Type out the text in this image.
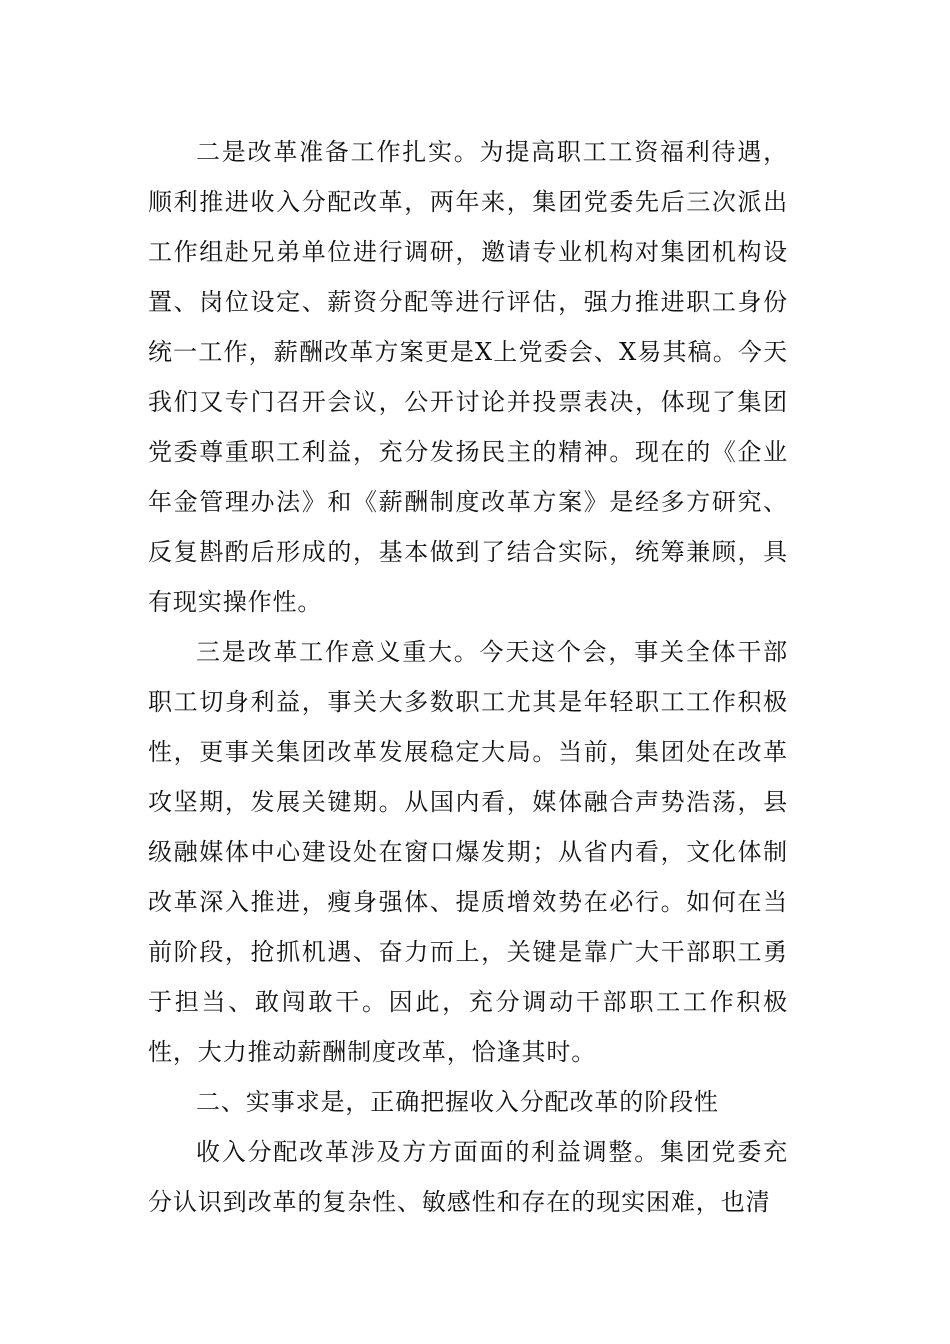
二是改革准备工作扎实。为提高职工工资福利待遇，顺利推进收入分配改革，两年来，集团党委先后三次派出工作组赴兄弟单位进行调研，邀请专业机构对集团机构设置、岗位设定、薪资分配等进行评估，强力推进职工身份统一工作，薪酬改革方案更是X上党委会、X易其稿。今天我们又专门召开会议，公开讨论并投票表决，体现了集团党委尊重职工利益，充分发扬民主的精神。现在的《企业年金管理办法》和《薪酬制度改革方案》是经多方研究、反复斟酌后形成的，基本做到了结合实际，统筹兼顾，具有现实操作性。

三是改革工作意义重大。今天这个会，事关全体干部职工切身利益，事关大多数职工尤其是年轻职工工作积极性，更事关集团改革发展稳定大局。当前，集团处在改革攻坚期，发展关键期。从国内看，媒体融合声势浩荡，县级融媒体中心建设处在窗口爆发期；从省内看，文化体制改革深入推进，瘦身强体、提质增效势在必行。如何在当前阶段，抢抓机遇、奋力而上，关键是靠广大干部职工勇于担当、敢闯敢干。因此，充分调动干部职工工作积极性，大力推动薪酬制度改革，恰逢其时。

二、实事求是，正确把握收入分配改革的阶段性

收入分配改革涉及方方面面的利益调整。集团党委充分认识到改革的复杂性、敏感性和存在的现实困难，也清
